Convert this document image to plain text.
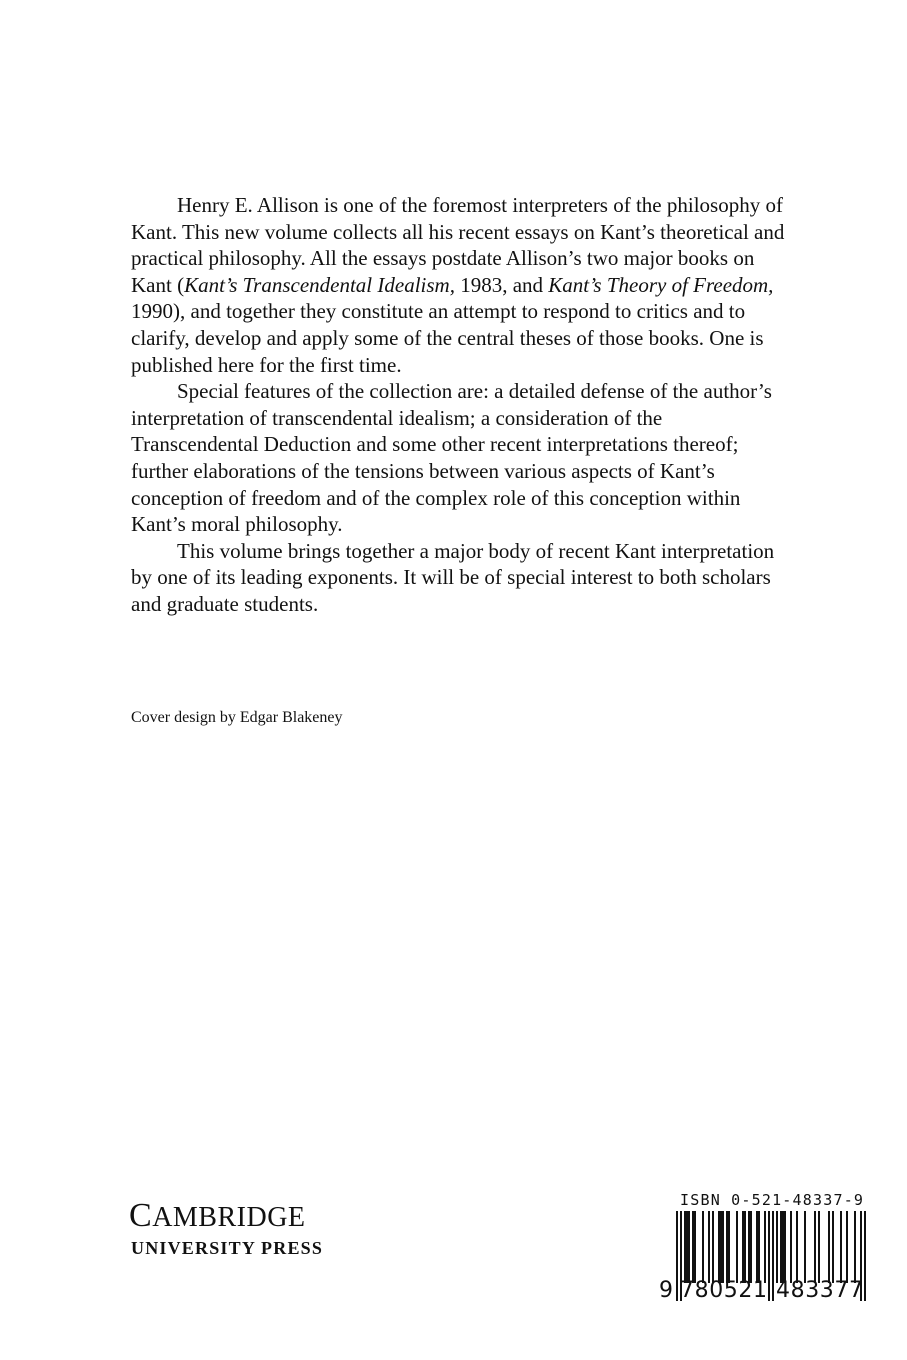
Henry E. Allison is one of the foremost interpreters of the philosophy of Kant. This new volume collects all his recent essays on Kant’s theoretical and practical philosophy. All the essays postdate Allison’s two major books on Kant (Kant’s Transcendental Idealism, 1983, and Kant’s Theory of Freedom, 1990), and together they constitute an attempt to respond to critics and to clarify, develop and apply some of the central theses of those books. One is published here for the first time.

Special features of the collection are: a detailed defense of the author’s interpretation of transcendental idealism; a consideration of the Transcendental Deduction and some other recent interpretations thereof; further elaborations of the tensions between various aspects of Kant’s conception of freedom and of the complex role of this conception within Kant’s moral philosophy.

This volume brings together a major body of recent Kant interpretation by one of its leading exponents. It will be of special interest to both scholars and graduate students.

Cover design by Edgar Blakeney
CAMBRIDGE
UNIVERSITY PRESS
ISBN 0-521-48337-9
9 780521 483377
